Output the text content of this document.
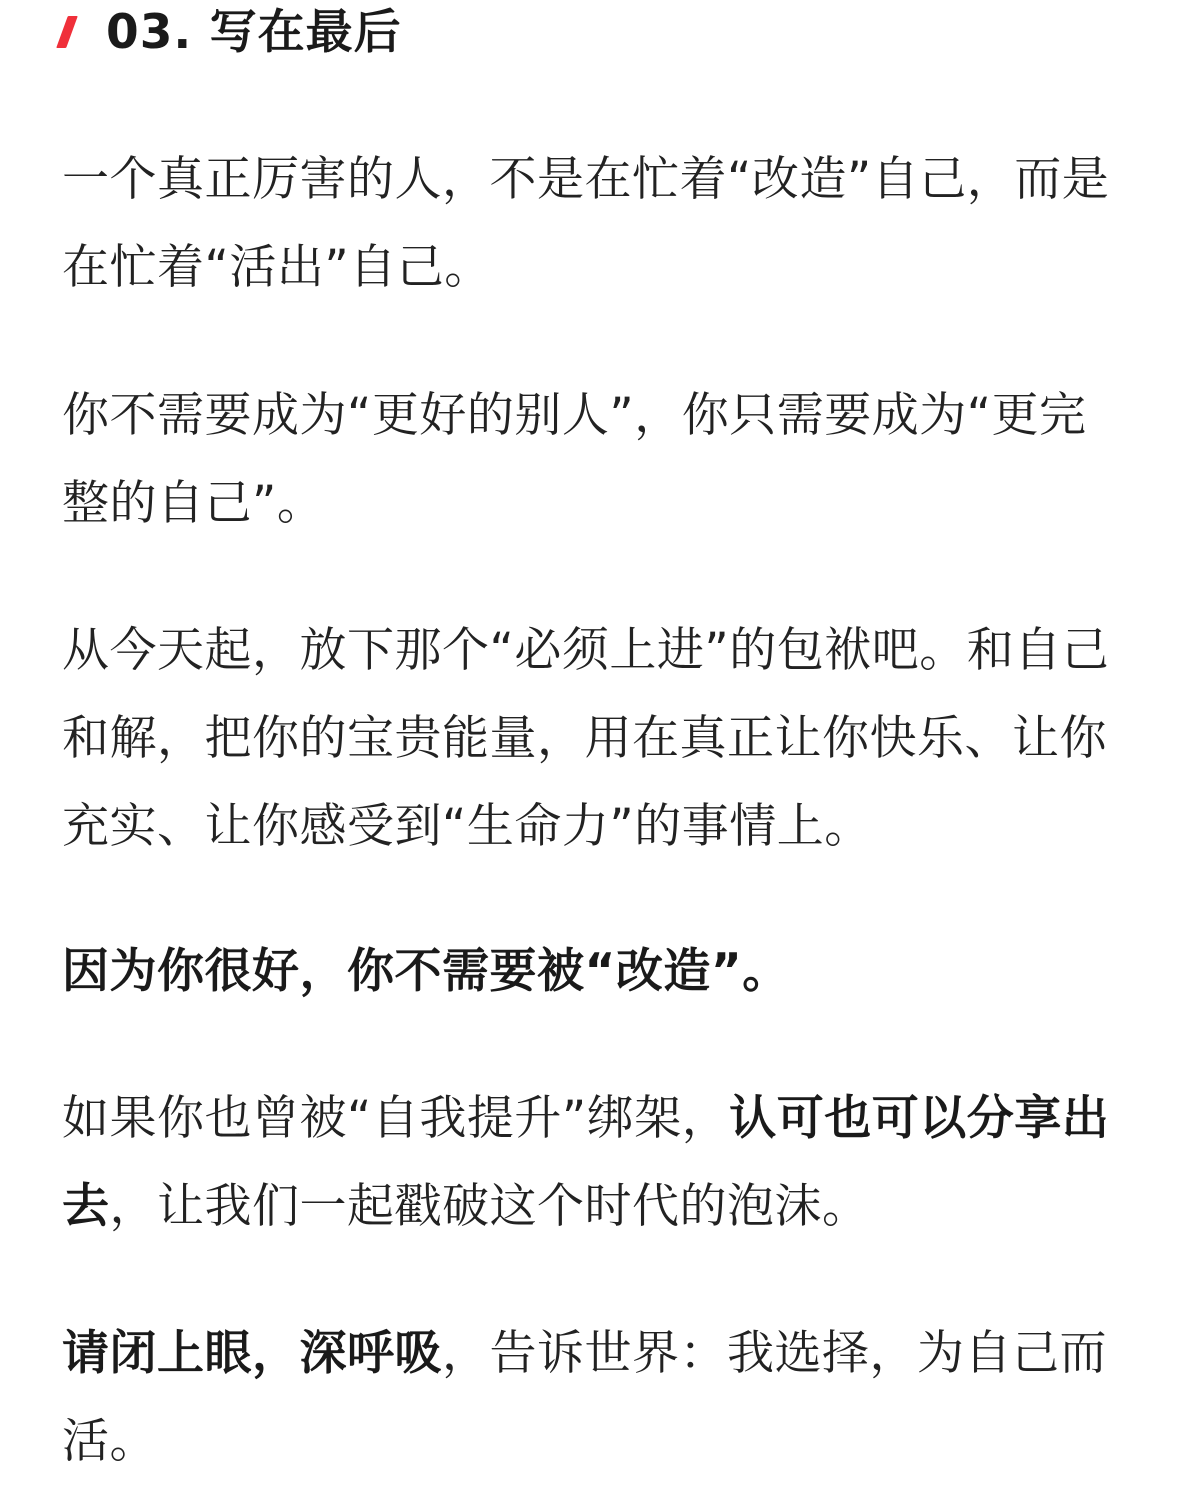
03. 写在最后

一个真正厉害的人，不是在忙着“改造”自己，而是在忙着“活出”自己。

你不需要成为“更好的别人”，你只需要成为“更完整的自己”。

从今天起，放下那个“必须上进”的包袱吧。和自己和解，把你的宝贵能量，用在真正让你快乐、让你充实、让你感受到“生命力”的事情上。

因为你很好，你不需要被“改造”。

如果你也曾被“自我提升”绑架，认可也可以分享出去，让我们一起戳破这个时代的泡沫。

请闭上眼，深呼吸，告诉世界：我选择，为自己而活。
